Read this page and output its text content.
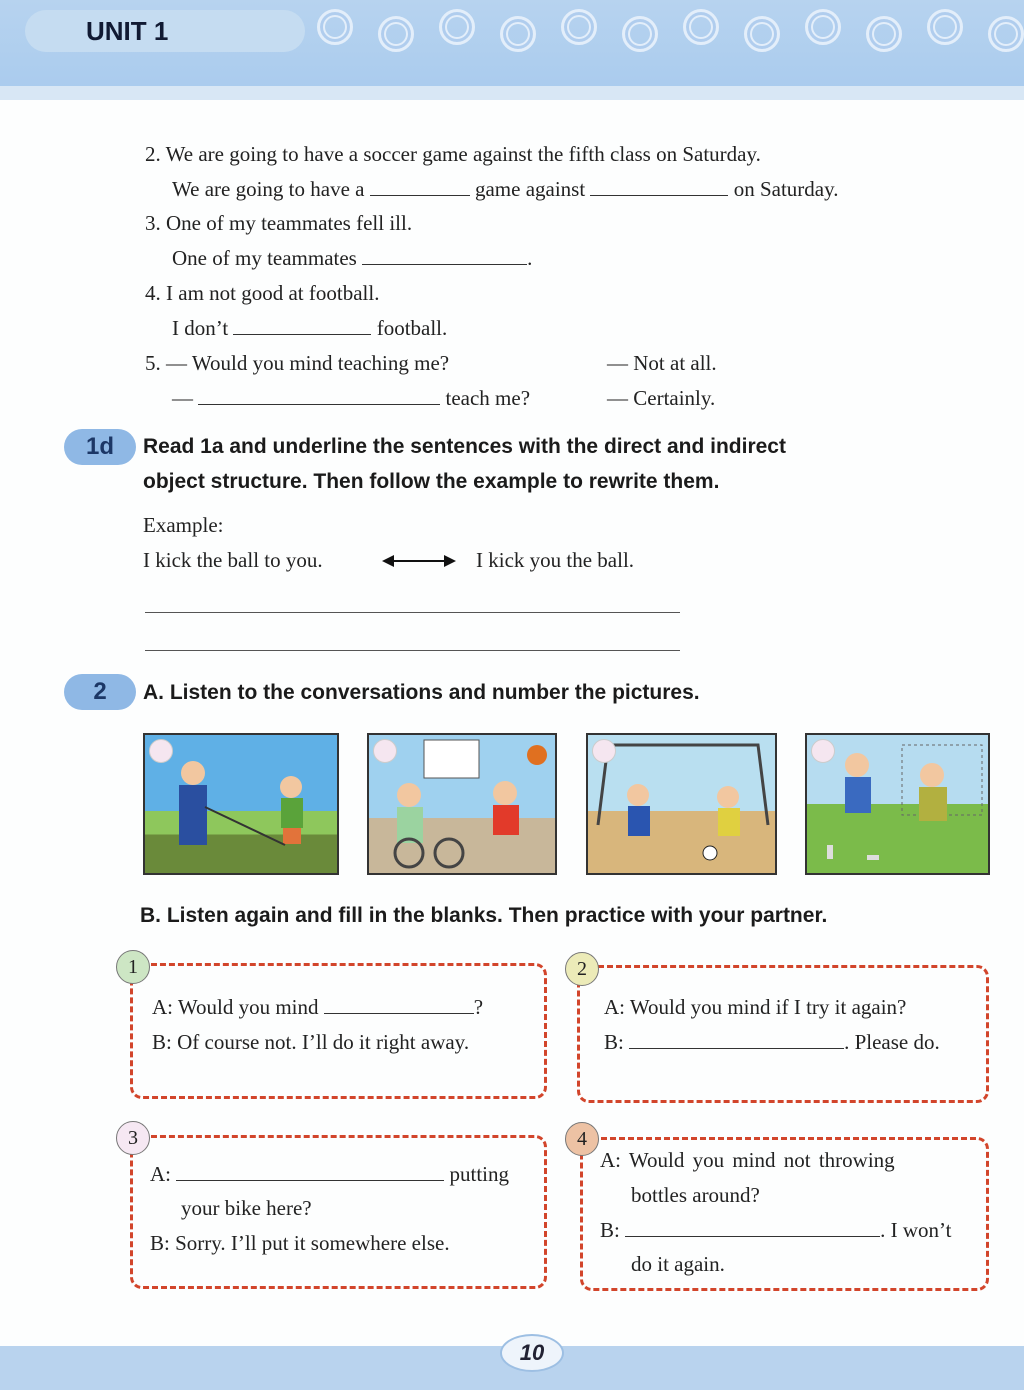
UNIT 1
2. We are going to have a soccer game against the fifth class on Saturday.
We are going to have a	game against	on Saturday.
3. One of my teammates fell ill.
One of my teammates	.
4. I am not good at football.
I don’t	football.
5. — Would you mind teaching me?	— Not at all.
—	teach me?	— Certainly.
1d	Read 1a and underline the sentences with the direct and indirect
object structure. Then follow the example to rewrite them.
Example:
I kick the ball to you.	I kick you the ball.
2	A. Listen to the conversations and number the pictures.
B. Listen again and fill in the blanks. Then practice with your partner.
1
A: Would you mind	?
B: Of course not. I’ll do it right away.
2
A: Would you mind if I try it again?
B:	. Please do.
3
A:	putting
your bike here?
B: Sorry. I’ll put it somewhere else.
4
A: Would you mind not throwing
bottles around?
B:	. I won’t
do it again.
10
